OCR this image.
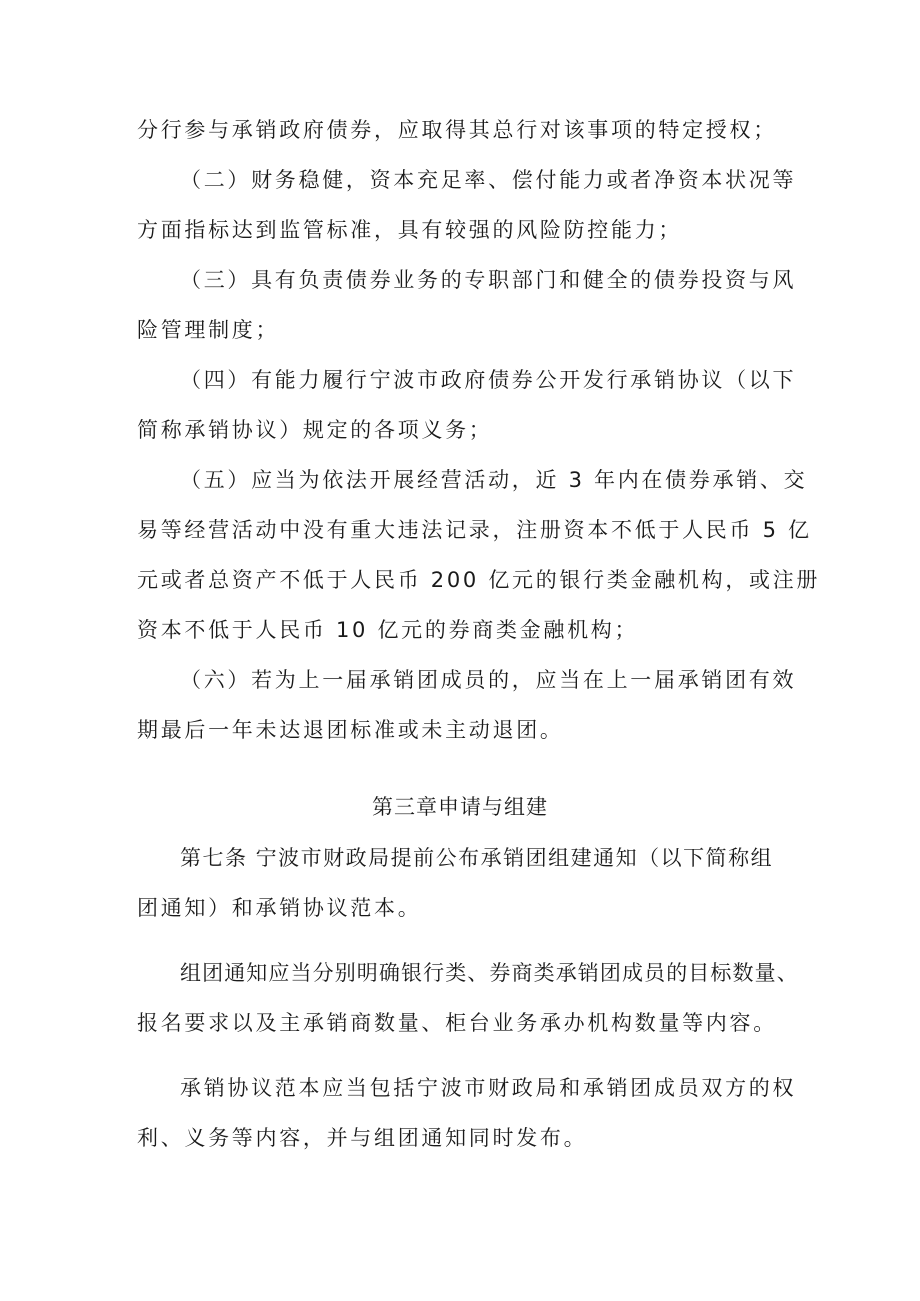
分行参与承销政府债券，应取得其总行对该事项的特定授权；
（二）财务稳健，资本充足率、偿付能力或者净资本状况等
方面指标达到监管标准，具有较强的风险防控能力；
（三）具有负责债券业务的专职部门和健全的债券投资与风
险管理制度；
（四）有能力履行宁波市政府债券公开发行承销协议（以下
简称承销协议）规定的各项义务；
（五）应当为依法开展经营活动，近 3 年内在债券承销、交
易等经营活动中没有重大违法记录，注册资本不低于人民币 5 亿
元或者总资产不低于人民币 200 亿元的银行类金融机构，或注册
资本不低于人民币 10 亿元的券商类金融机构；
（六）若为上一届承销团成员的，应当在上一届承销团有效
期最后一年未达退团标准或未主动退团。
第三章申请与组建
第七条 宁波市财政局提前公布承销团组建通知（以下简称组
团通知）和承销协议范本。
组团通知应当分别明确银行类、券商类承销团成员的目标数量、
报名要求以及主承销商数量、柜台业务承办机构数量等内容。
承销协议范本应当包括宁波市财政局和承销团成员双方的权
利、义务等内容，并与组团通知同时发布。
